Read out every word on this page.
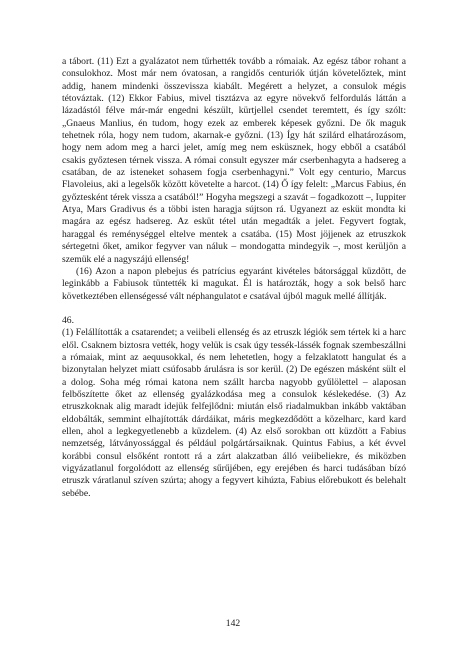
a tábort. (11) Ezt a gyalázatot nem tűrhették tovább a rómaiak. Az egész tábor rohant a consulokhoz. Most már nem óvatosan, a rangidős centuriók útján követelőztek, mint addig, hanem mindenki összevissza kiabált. Megérett a helyzet, a consulok mégis tétováztak. (12) Ekkor Fabius, mivel tisztázva az egyre növekvő felfordulás láttán a lázadástól félve már-már engedni készült, kürtjellel csendet teremtett, és így szólt: „Gnaeus Manlius, én tudom, hogy ezek az emberek képesek győzni. De ők maguk tehetnek róla, hogy nem tudom, akarnak-e győzni. (13) Így hát szilárd elhatározásom, hogy nem adom meg a harci jelet, amíg meg nem esküsznek, hogy ebből a csatából csakis győztesen térnek vissza. A római consult egyszer már cserbenhagyta a hadsereg a csatában, de az isteneket sohasem fogja cserbenhagyni.” Volt egy centurio, Marcus Flavoleius, aki a legelsők között követelte a harcot. (14) Ő így felelt: „Marcus Fabius, én győztesként térek vissza a csatából!” Hogyha megszegi a szavát – fogadkozott –, Iuppiter Atya, Mars Gradivus és a többi isten haragja sújtson rá. Ugyanezt az esküt mondta ki magára az egész hadsereg. Az esküt tétel után megadták a jelet. Fegyvert fogtak, haraggal és reménységgel eltelve mentek a csatába. (15) Most jöjjenek az etruszkok sértegetni őket, amikor fegyver van náluk – mondogatta mindegyik –, most kerüljön a szemük elé a nagyszájú ellenség!

(16) Azon a napon plebejus és patrícius egyaránt kivételes bátorsággal küzdött, de leginkább a Fabiusok tüntették ki magukat. Él is határozták, hogy a sok belső harc következtében ellenségessé vált néphangulatot e csatával újból maguk mellé állítják.

46.

(1) Felállították a csatarendet; a veiibeli ellenség és az etruszk légiók sem tértek ki a harc elől. Csaknem biztosra vették, hogy velük is csak úgy tessék-lássék fognak szembeszállni a rómaiak, mint az aequusokkal, és nem lehetetlen, hogy a felzaklatott hangulat és a bizonytalan helyzet miatt csúfosabb árulásra is sor kerül. (2) De egészen másként sült el a dolog. Soha még római katona nem szállt harcba nagyobb gyűlölettel – alaposan felbőszítette őket az ellenség gyalázkodása meg a consulok késlekedése. (3) Az etruszkoknak alig maradt idejük felfejlődni: miután első riadalmukban inkább vaktában eldobálták, semmint elhajították dárdáikat, máris megkezdődött a közelharc, kard kard ellen, ahol a legkegyetlenebb a küzdelem. (4) Az első sorokban ott küzdött a Fabius nemzetség, látványossággal és például polgártársaiknak. Quintus Fabius, a két évvel korábbi consul elsőként rontott rá a zárt alakzatban álló veiibeliekre, és miközben vigyázatlanul forgolódott az ellenség sűrűjében, egy erejében és harci tudásában bízó etruszk váratlanul szíven szúrta; ahogy a fegyvert kihúzta, Fabius előrebukott és belehalt sebébe.

142
